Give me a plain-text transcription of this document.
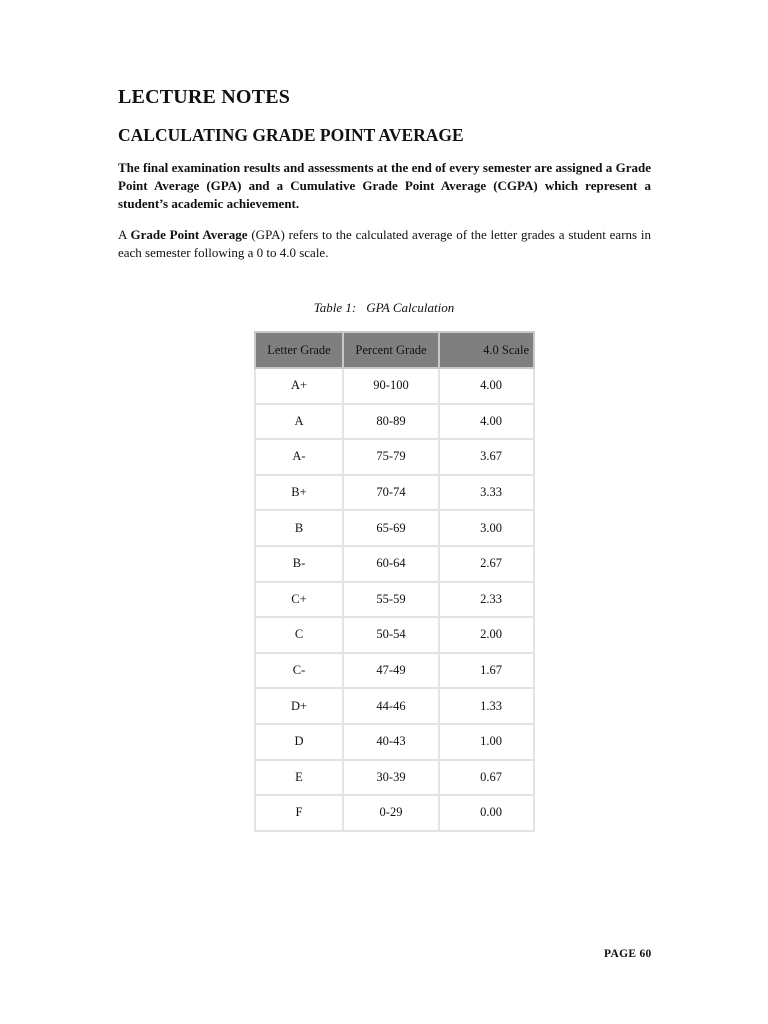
LECTURE NOTES
CALCULATING GRADE POINT AVERAGE

The final examination results and assessments at the end of every semester are assigned a Grade Point Average (GPA) and a Cumulative Grade Point Average (CGPA) which represent a student’s academic achievement.

A Grade Point Average (GPA) refers to the calculated average of the letter grades a student earns in each semester following a 0 to 4.0 scale.

Table 1: GPA Calculation
Letter Grade	Percent Grade	4.0 Scale
A+	90-100	4.00
A	80-89	4.00
A-	75-79	3.67
B+	70-74	3.33
B	65-69	3.00
B-	60-64	2.67
C+	55-59	2.33
C	50-54	2.00
C-	47-49	1.67
D+	44-46	1.33
D	40-43	1.00
E	30-39	0.67
F	0-29	0.00
PAGE 60
